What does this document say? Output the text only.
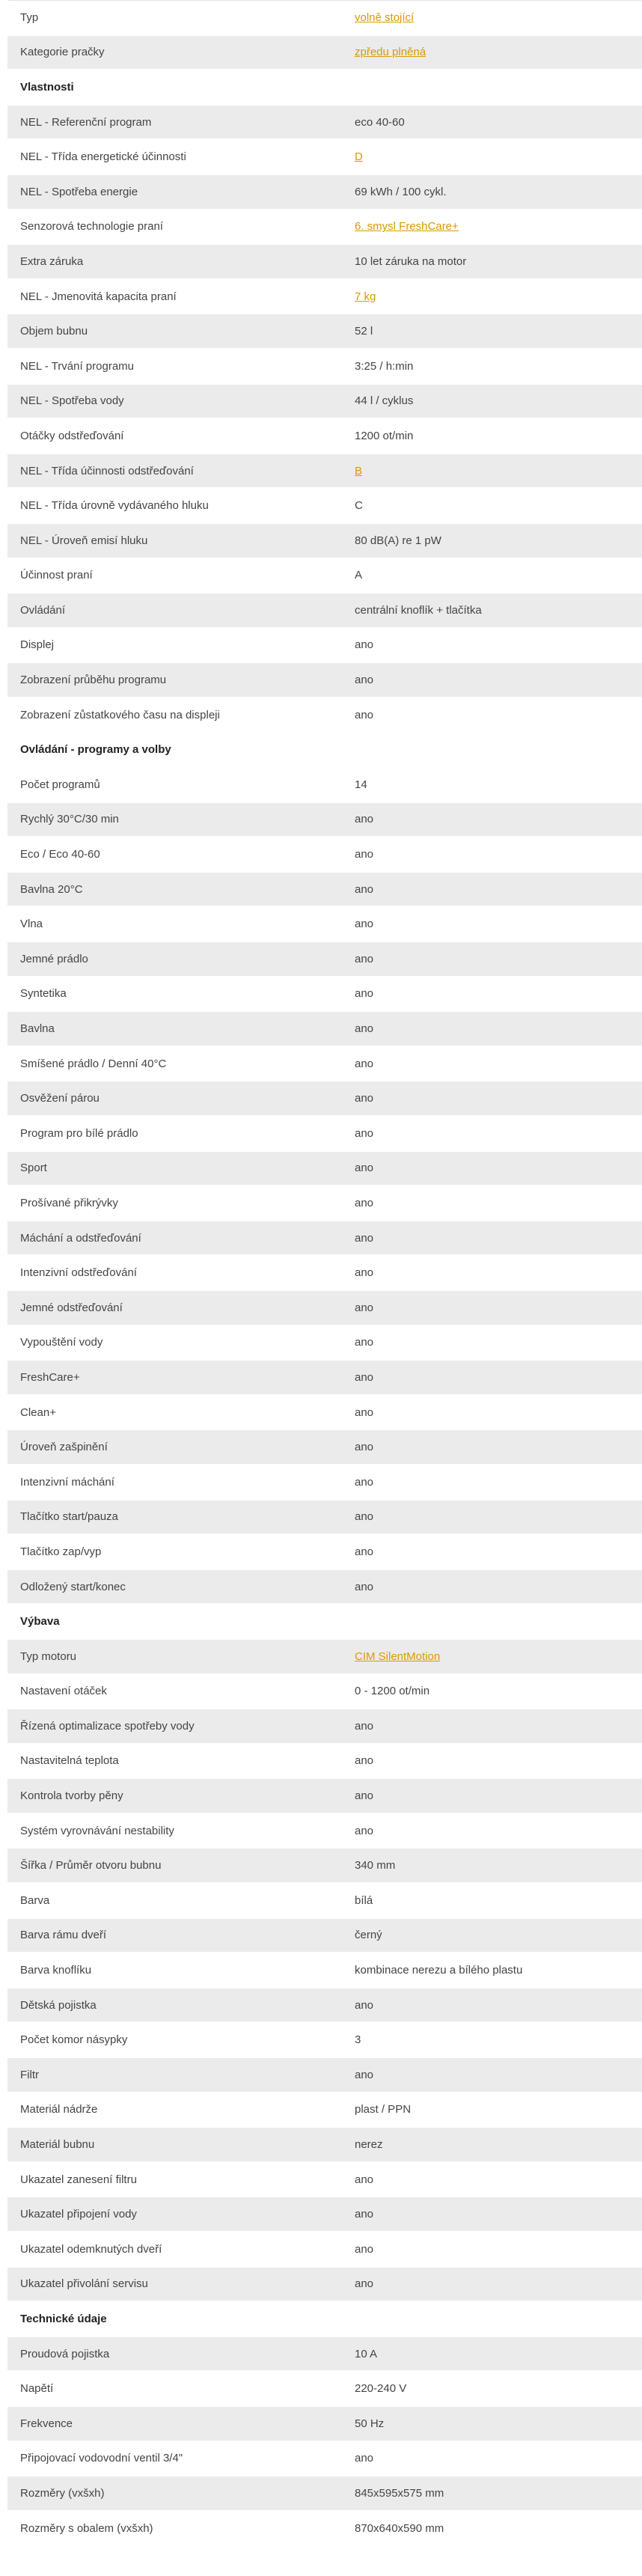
Typ	volně stojící
Kategorie pračky	zpředu plněná
Vlastnosti
NEL - Referenční program	eco 40-60
NEL - Třída energetické účinnosti	D
NEL - Spotřeba energie	69 kWh / 100 cykl.
Senzorová technologie praní	6. smysl FreshCare+
Extra záruka	10 let záruka na motor
NEL - Jmenovitá kapacita praní	7 kg
Objem bubnu	52 l
NEL - Trvání programu	3:25 / h:min
NEL - Spotřeba vody	44 l / cyklus
Otáčky odstřeďování	1200 ot/min
NEL - Třída účinnosti odstřeďování	B
NEL - Třída úrovně vydávaného hluku	C
NEL - Úroveň emisí hluku	80 dB(A) re 1 pW
Účinnost praní	A
Ovládání	centrální knoflík + tlačítka
Displej	ano
Zobrazení průběhu programu	ano
Zobrazení zůstatkového času na displeji	ano
Ovládání - programy a volby
Počet programů	14
Rychlý 30°C/30 min	ano
Eco / Eco 40-60	ano
Bavlna 20°C	ano
Vlna	ano
Jemné prádlo	ano
Syntetika	ano
Bavlna	ano
Smíšené prádlo / Denní 40°C	ano
Osvěžení párou	ano
Program pro bílé prádlo	ano
Sport	ano
Prošívané přikrývky	ano
Máchání a odstřeďování	ano
Intenzivní odstřeďování	ano
Jemné odstřeďování	ano
Vypouštění vody	ano
FreshCare+	ano
Clean+	ano
Úroveň zašpinění	ano
Intenzivní máchání	ano
Tlačítko start/pauza	ano
Tlačítko zap/vyp	ano
Odložený start/konec	ano
Výbava
Typ motoru	CIM SilentMotion
Nastavení otáček	0 - 1200 ot/min
Řízená optimalizace spotřeby vody	ano
Nastavitelná teplota	ano
Kontrola tvorby pěny	ano
Systém vyrovnávání nestability	ano
Šířka / Průměr otvoru bubnu	340 mm
Barva	bílá
Barva rámu dveří	černý
Barva knoflíku	kombinace nerezu a bílého plastu
Dětská pojistka	ano
Počet komor násypky	3
Filtr	ano
Materiál nádrže	plast / PPN
Materiál bubnu	nerez
Ukazatel zanesení filtru	ano
Ukazatel připojení vody	ano
Ukazatel odemknutých dveří	ano
Ukazatel přivolání servisu	ano
Technické údaje
Proudová pojistka	10 A
Napětí	220-240 V
Frekvence	50 Hz
Připojovací vodovodní ventil 3/4"	ano
Rozměry (vxšxh)	845x595x575 mm
Rozměry s obalem (vxšxh)	870x640x590 mm
